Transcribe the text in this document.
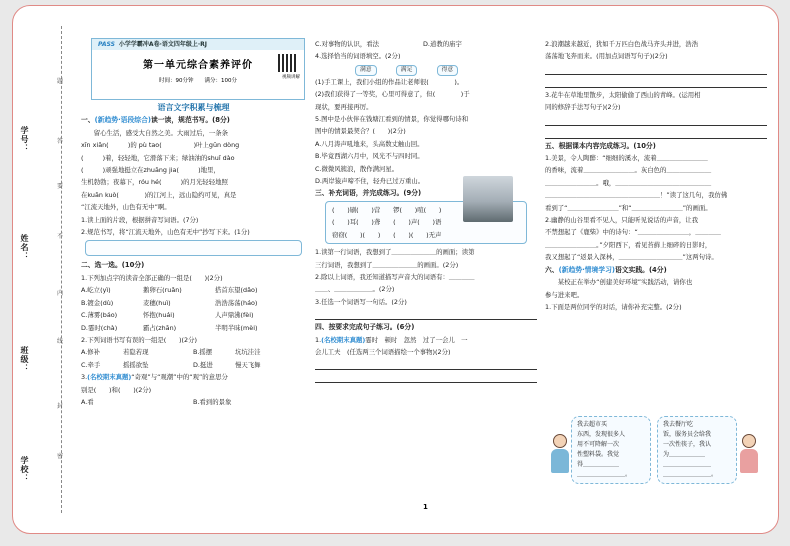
学号：
姓名：
班级：
学校：
题
答
要
不
内
线
封
密
PASS 小学学霸冲A卷·语文四年级上·RJ
第一单元综合素养评价
时间：90分钟　　 满分：100分
视频讲解

语言文字积累与梳理

一、(新趋势·语段综合)读一读，规范书写。(8分)

　　留心生活，感受大自然之美。大雨过后，一条条

xīn xiān(　　　)的 pù tao(　　　　　)叶上gūn dòng

(　　　)着，轻轻地，它滑落下来；绿油油的shuǐ dào

(　　　)顽强地挺立在zhuāng jia(　　　)地里，

生机勃勃；夜幕下，róu hé(　　　)的月光轻轻地照

在kuān kuò(　　　　)的江河上，远山隐约可见，真是

“江流天地外，山色有无中”啊。

1.读上面的片段，根据拼音写词语。(7分)

2.规范书写，将“江流天地外，山色有无中”抄写下来。(1分)

二、选一选。(10分)

1.下列加点字的读音全部正确的一组是(　　)(2分)

A.屹立(yì)	鹅卵石(ruǎn)	搭首东望(dǎo)

B.镀金(dù)	麦穗(huì)	浩浩荡荡(háo)

C.薄雾(báo)	怀抱(huái)	人声鼎沸(fèi)

D.霎时(chà)	霸占(zhān)	半明半昧(mèi)

2.下列词语书写有误的一组是(　　)(2分)

A.修补	若隐若现	B.摇摆	坑坑洼洼

C.牵手	摇摇欲坠	D.挺进	慢天飞舞

3.(名校期末真题)“奇观”与“观潮”中的“观”的意思分

别是(　　)和(　　)(2分)

A.看	B.看到的景象

C.对事物的认识，看法	D.道教的庙宇

4.选择恰当的词语填空。(2分)

满意　　　	满足　　　	得意

(1)手工课上，我们小组的作品让老师很(　　　　)。

(2)我们获得了一等奖，心里可得意了，但(　　　　)于

现状，要再接再厉。

5.图中是小伙伴在钱塘江看到的情景，你觉得哪句诗和

图中的情景最契合？(　　)(2分)

A.八月涛声吼地来，头高数丈触山回。

B.毕竟西湖六月中，风光不与四时同。

C.微微风簇浪，散作满河星。

D.两岸猿声啼不住，轻舟已过万重山。

三、补充词语，并完成练习。(9分)

(　　)刷(　　)营　　锣(　　)喧(　　)

(　　)耳(　　)聋　　(　　)声(　　)语

窃窃(　　)(　　)　　(　　)(　　)无声

1.读第一行词语，我想到了＿＿＿＿＿＿＿的画面；读第

三行词语，我想到了＿＿＿＿＿＿＿的画面。(2分)

2.除以上词语，我还知道描写声音大的词语有：＿＿＿＿

＿＿、＿＿＿＿＿＿。(2分)

3.任选一个词语写一句话。(2分)

四、按要求完成句子练习。(6分)

1.(名校期末真题)霎时　顿时　忽然　过了一会儿　一

会儿工夫　(任选两三个词语描绘一个事物)(2分)

2.浪潮越来越近，犹如千万匹白色战马齐头并进，浩浩

荡荡地飞奔而来。(用加点词语写句子)(2分)

3.花牛在草地里散步，太阳偷偷了西山的青峰。(运用相

同的修辞手法写句子)(2分)

五、根据课本内容完成练习。(10分)

1.美景，令人陶醉：“细细的溪水，流着＿＿＿＿＿＿＿＿

的香味，流着＿＿＿＿＿＿＿＿。灰白色的＿＿＿＿＿＿＿

＿＿＿＿＿＿＿＿。哦，＿＿＿＿＿＿＿＿＿＿＿＿＿＿＿

＿＿＿＿＿＿＿＿＿＿＿＿＿＿＿＿＿＿！”读了这几句，我仿佛

看到了“＿＿＿＿＿＿＿＿”和“＿＿＿＿＿＿＿＿”的画面。

2.幽静的山谷里看不见人，只能听见说话的声音，让我

不禁想起了《鹿柴》中的诗句：“＿＿＿＿＿＿＿＿，＿＿＿＿

＿＿＿＿＿＿＿＿。”夕阳西下，看见苔藓上细碎的日影时，

我又想起了“返景入深林，＿＿＿＿＿＿＿＿＿＿”这两句诗。

六、(新趋势·情境学习)语文实践。(4分)

　　某校正在举办“创建美好环境”实践活动，请你也

参与进来吧。

1.下面是两位同学的对话，请你补充完整。(2分)

我去超市买
东西，发现很多人
用不可降解一次
性塑料袋。我觉
得＿＿＿＿＿＿
＿＿＿＿＿＿＿＿。
我去餐厅吃
饭，服务员会给我
一次性筷子，我认
为＿＿＿＿＿＿
＿＿＿＿＿＿＿＿
＿＿＿＿＿＿＿＿。
1
